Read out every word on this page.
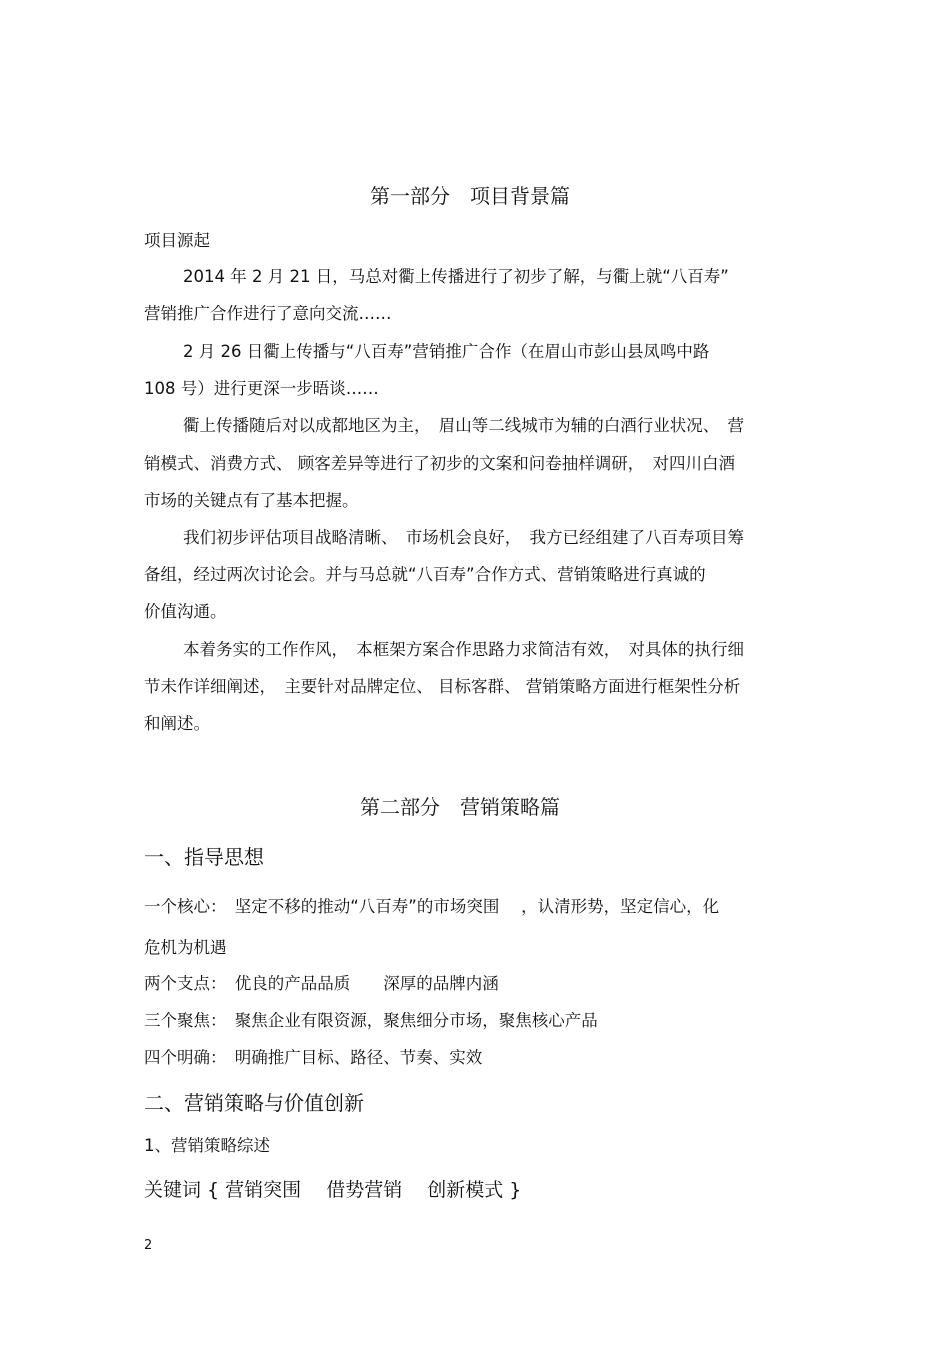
第一部分　项目背景篇
项目源起
2014 年 2 月 21 日，马总对衢上传播进行了初步了解，与衢上就“八百寿”
营销推广合作进行了意向交流……
2 月 26 日衢上传播与“八百寿”营销推广合作（在眉山市彭山县凤鸣中路
108 号）进行更深一步晤谈……
衢上传播随后对以成都地区为主，　眉山等二线城市为辅的白酒行业状况、　营
销模式、消费方式、 顾客差异等进行了初步的文案和问卷抽样调研，　对四川白酒
市场的关键点有了基本把握。
我们初步评估项目战略清晰、　市场机会良好，　我方已经组建了八百寿项目筹
备组，经过两次讨论会。并与马总就“八百寿”合作方式、营销策略进行真诚的
价值沟通。
本着务实的工作作风，　本框架方案合作思路力求简洁有效，　对具体的执行细
节未作详细阐述，　主要针对品牌定位、 目标客群、 营销策略方面进行框架性分析
和阐述。
第二部分　营销策略篇
一、指导思想
一个核心：　坚定不移的推动“八百寿”的市场突围　 ，认清形势，坚定信心，化
危机为机遇
两个支点：　优良的产品品质　　深厚的品牌内涵
三个聚焦：　聚焦企业有限资源，聚焦细分市场，聚焦核心产品
四个明确：　明确推广目标、路径、节奏、实效
二、营销策略与价值创新
1、营销策略综述
关键词 { 营销突围　 借势营销　 创新模式 }
2
